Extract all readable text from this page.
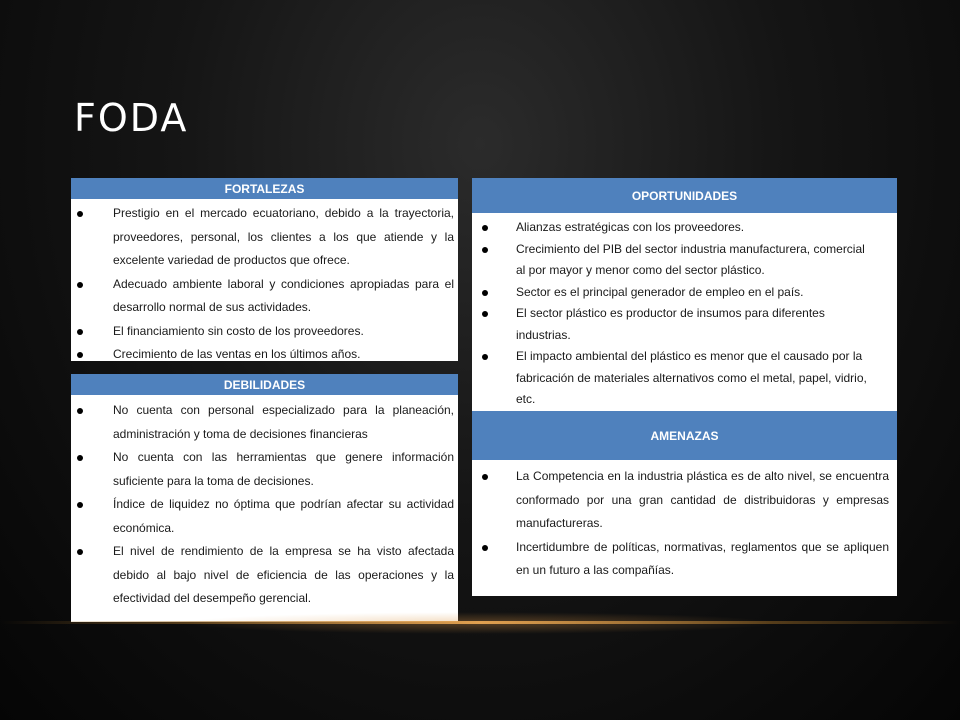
FODA
FORTALEZAS
Prestigio en el mercado ecuatoriano, debido a la trayectoria, proveedores, personal, los clientes a los que atiende y la excelente variedad de productos que ofrece.
Adecuado ambiente laboral y condiciones apropiadas para el desarrollo normal de sus actividades.
El financiamiento sin costo de los proveedores.
Crecimiento de las ventas en los últimos años.
DEBILIDADES
No cuenta con personal especializado para la planeación, administración y toma de decisiones financieras
No cuenta con las herramientas que genere información suficiente para la toma de decisiones.
Índice de liquidez no óptima que podrían afectar su actividad económica.
El nivel de rendimiento de la empresa se ha visto afectada debido al bajo nivel de eficiencia de las operaciones y la efectividad del desempeño gerencial.
OPORTUNIDADES
Alianzas estratégicas con los proveedores.
Crecimiento del PIB del sector industria manufacturera, comercial al por mayor y menor como del sector plástico.
Sector es el principal generador de empleo en el país.
El sector plástico es productor de insumos para diferentes industrias.
El impacto ambiental del plástico es menor que el causado por la fabricación de materiales alternativos como el metal, papel, vidrio, etc.
AMENAZAS
La Competencia en la industria plástica es de alto nivel, se encuentra conformado por una gran cantidad de distribuidoras y empresas manufactureras.
Incertidumbre de políticas, normativas, reglamentos que se apliquen en un futuro a las compañías.
